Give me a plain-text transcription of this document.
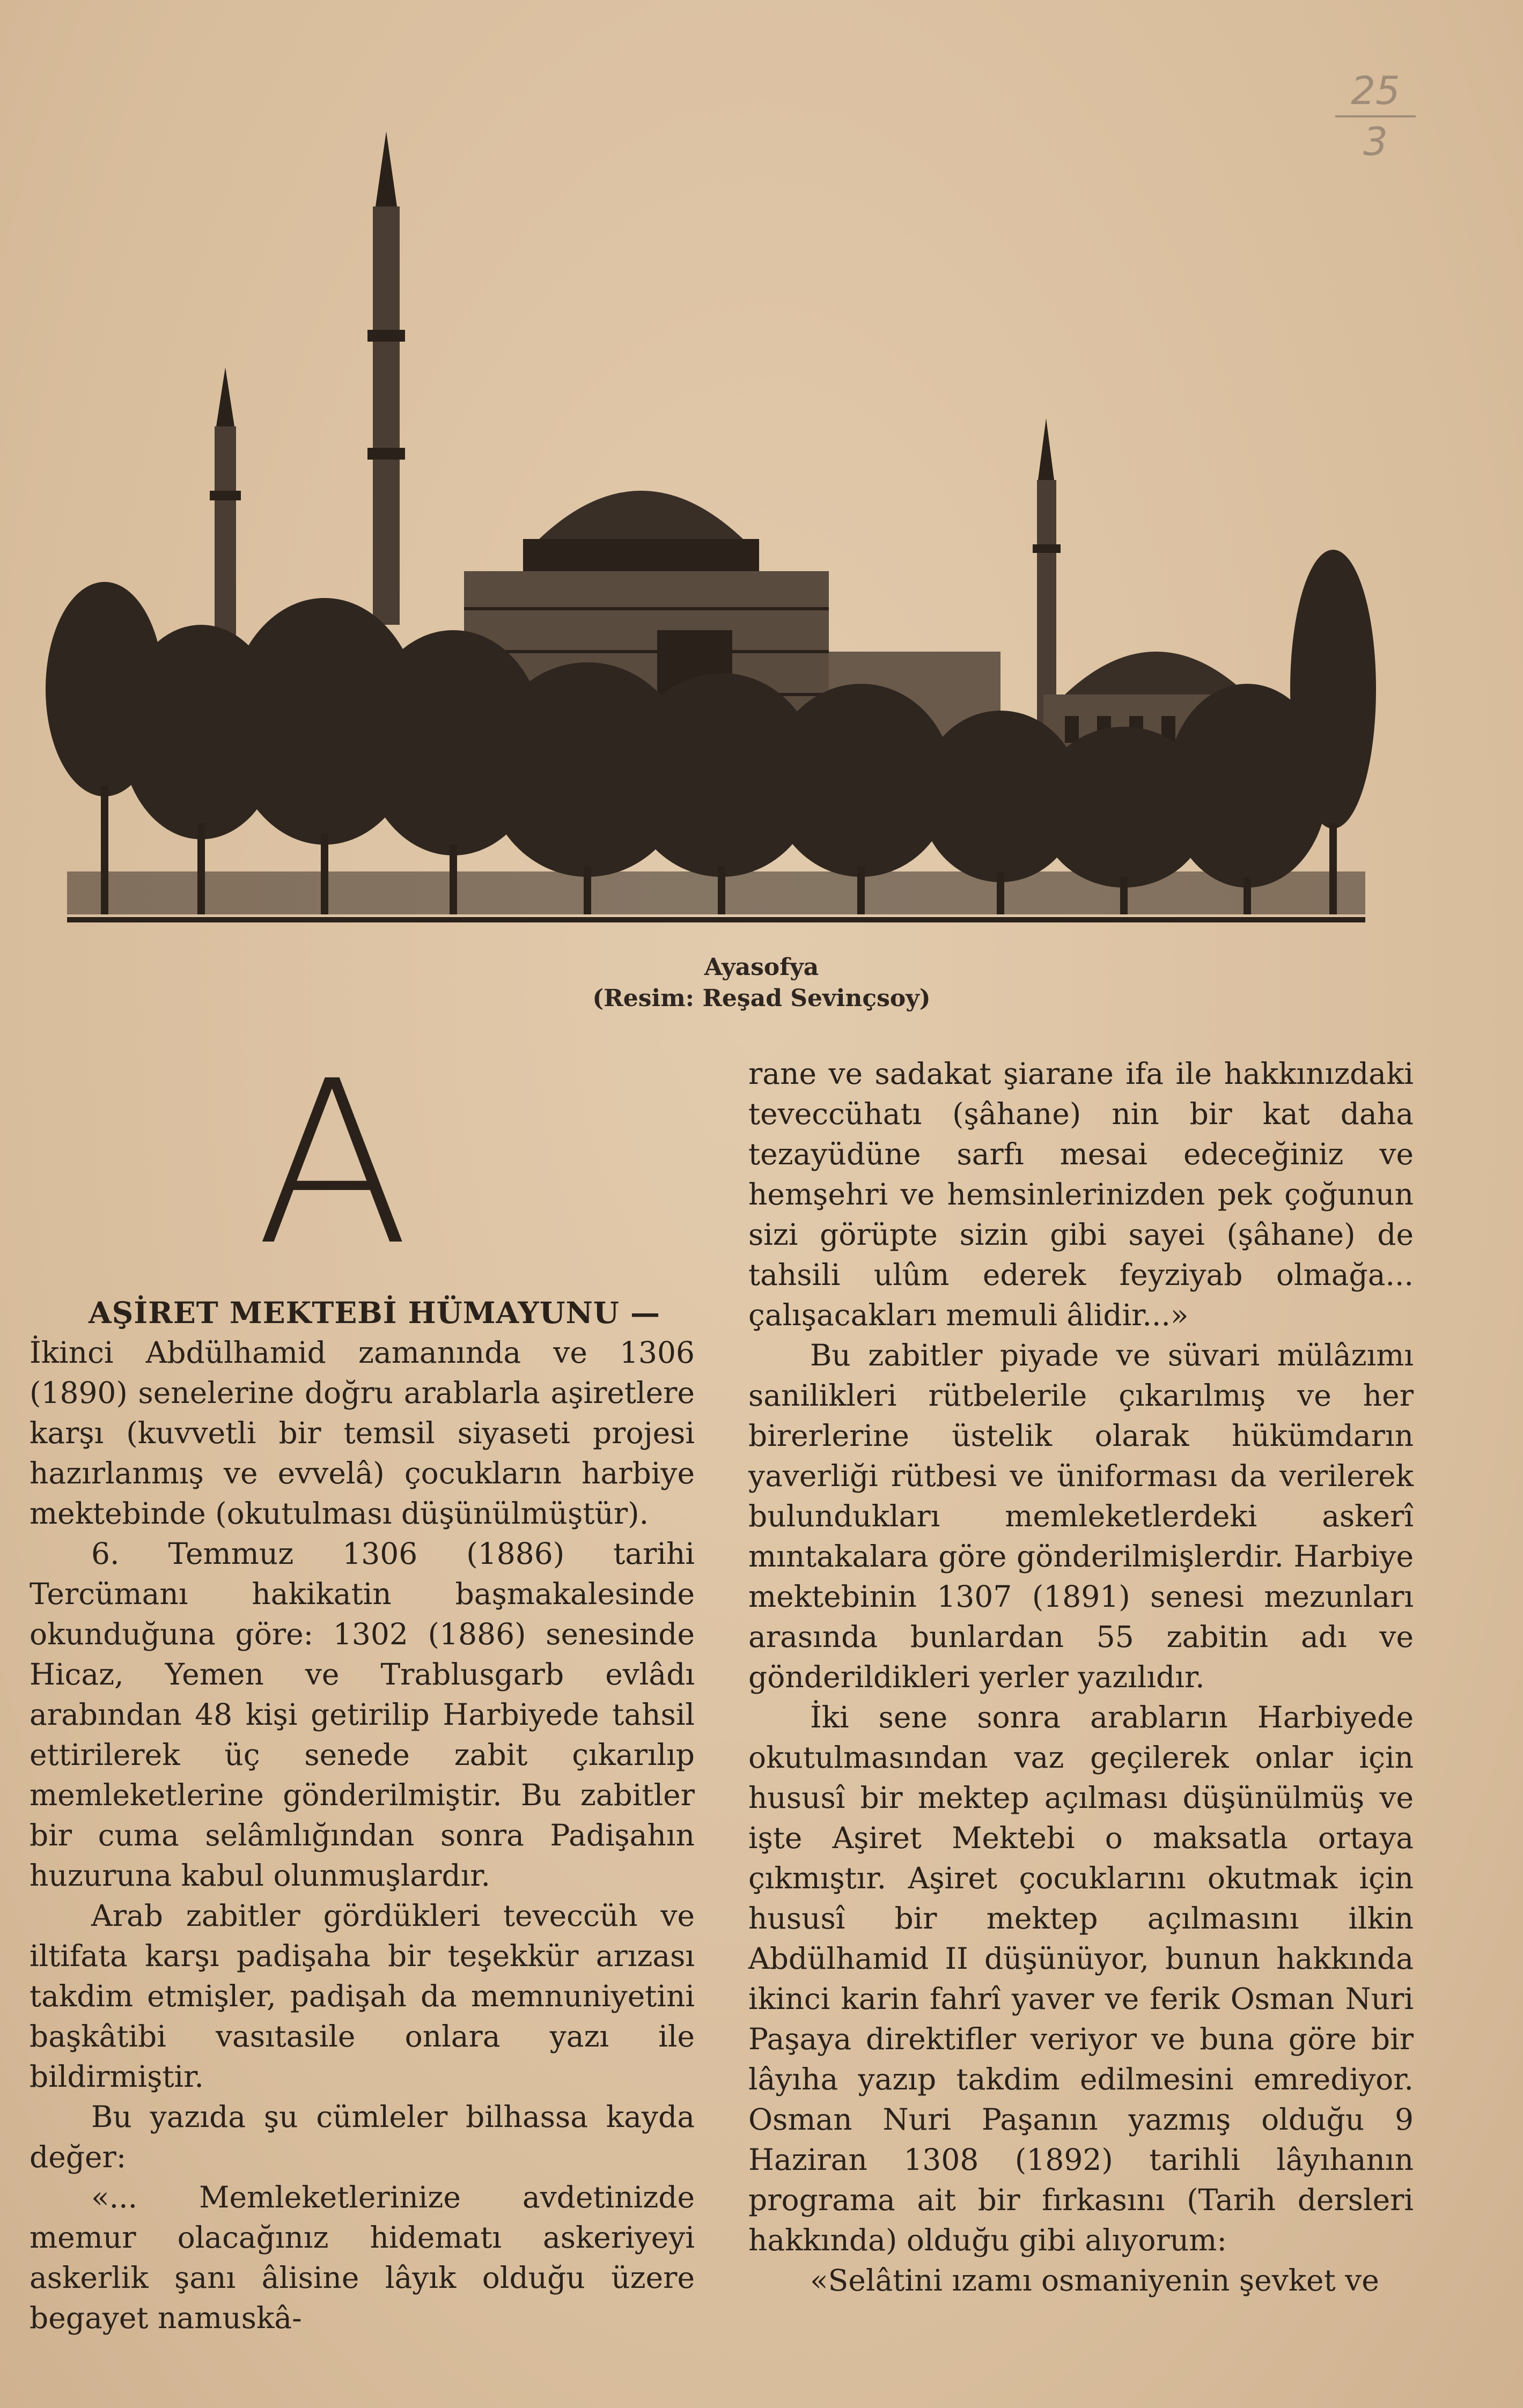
25
3
Ayasofya
(Resim: Reşad Sevinçsoy)
A

AŞİRET MEKTEBİ HÜMAYUNU —

İkinci Abdülhamid zamanında ve 1306 (1890) senelerine doğru arablarla aşiretlere karşı (kuvvetli bir temsil siyaseti projesi hazırlanmış ve evvelâ) çocukların harbiye mektebinde (okutulması düşünülmüştür).

6. Temmuz 1306 (1886) tarihi Tercümanı hakikatin başmakalesinde okunduğuna göre: 1302 (1886) senesinde Hicaz, Yemen ve Trablusgarb evlâdı arabından 48 kişi getirilip Harbiyede tahsil ettirilerek üç senede zabit çıkarılıp memleketlerine gönderilmiştir. Bu zabitler bir cuma selâmlığından sonra Padişahın huzuruna kabul olunmuşlardır.

Arab zabitler gördükleri teveccüh ve iltifata karşı padişaha bir teşekkür arızası takdim etmişler, padişah da memnuniyetini başkâtibi vasıtasile onlara yazı ile bildirmiştir.

Bu yazıda şu cümleler bilhassa kayda değer:

«... Memleketlerinize avdetinizde memur olacağınız hidematı askeriyeyi askerlik şanı âlisine lâyık olduğu üzere begayet namuskâ-

rane ve sadakat şiarane ifa ile hakkınızdaki teveccühatı (şâhane) nin bir kat daha tezayüdüne sarfı mesai edeceğiniz ve hemşehri ve hemsinlerinizden pek çoğunun sizi görüpte sizin gibi sayei (şâhane) de tahsili ulûm ederek feyziyab olmağa... çalışacakları memuli âlidir...»

Bu zabitler piyade ve süvari mülâzımı sanilikleri rütbelerile çıkarılmış ve her birerlerine üstelik olarak hükümdarın yaverliği rütbesi ve üniforması da verilerek bulundukları memleketlerdeki askerî mıntakalara göre gönderilmişlerdir. Harbiye mektebinin 1307 (1891) senesi mezunları arasında bunlardan 55 zabitin adı ve gönderildikleri yerler yazılıdır.

İki sene sonra arabların Harbiyede okutulmasından vaz geçilerek onlar için hususî bir mektep açılması düşünülmüş ve işte Aşiret Mektebi o maksatla ortaya çıkmıştır. Aşiret çocuklarını okutmak için hususî bir mektep açılmasını ilkin Abdülhamid II düşünüyor, bunun hakkında ikinci karin fahrî yaver ve ferik Osman Nuri Paşaya direktifler veriyor ve buna göre bir lâyıha yazıp takdim edilmesini emrediyor. Osman Nuri Paşanın yazmış olduğu 9 Haziran 1308 (1892) tarihli lâyıhanın programa ait bir fırkasını (Tarih dersleri hakkında) olduğu gibi alıyorum:

«Selâtini ızamı osmaniyenin şevket ve
